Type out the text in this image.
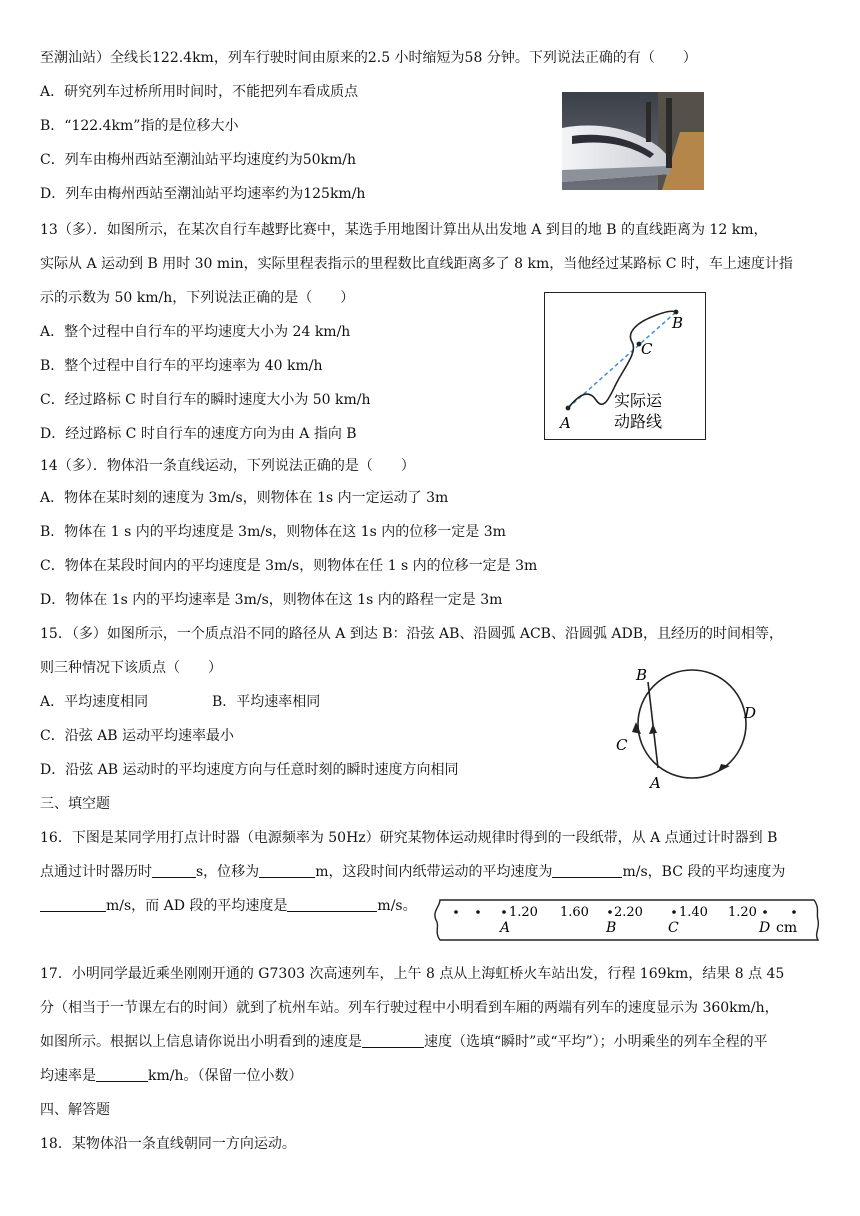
至潮汕站）全线长122.4km，列车行驶时间由原来的2.5 小时缩短为58 分钟。下列说法正确的有（　　）
A．研究列车过桥所用时间时，不能把列车看成质点
B．“122.4km”指的是位移大小
C．列车由梅州西站至潮汕站平均速度约为50km/h
D．列车由梅州西站至潮汕站平均速率约为125km/h
13（多）．如图所示，在某次自行车越野比赛中，某选手用地图计算出从出发地 A 到目的地 B 的直线距离为 12 km，
实际从 A 运动到 B 用时 30 min，实际里程表指示的里程数比直线距离多了 8 km，当他经过某路标 C 时，车上速度计指
示的示数为 50 km/h，下列说法正确的是（　　）
A．整个过程中自行车的平均速度大小为 24 km/h
B．整个过程中自行车的平均速率为 40 km/h
C．经过路标 C 时自行车的瞬时速度大小为 50 km/h
D．经过路标 C 时自行车的速度方向为由 A 指向 B
A
B
C
实际运
动路线
14（多）．物体沿一条直线运动，下列说法正确的是（　　）
A．物体在某时刻的速度为 3m/s，则物体在 1s 内一定运动了 3m
B．物体在 1 s 内的平均速度是 3m/s，则物体在这 1s 内的位移一定是 3m
C．物体在某段时间内的平均速度是 3m/s，则物体在任 1 s 内的位移一定是 3m
D．物体在 1s 内的平均速率是 3m/s，则物体在这 1s 内的路程一定是 3m
15．（多）如图所示，一个质点沿不同的路径从 A 到达 B：沿弦 AB、沿圆弧 ACB、沿圆弧 ADB，且经历的时间相等，
则三种情况下该质点（　　）
A．平均速度相同	B．平均速率相同
C．沿弦 AB 运动平均速率最小
D．沿弦 AB 运动时的平均速度方向与任意时刻的瞬时速度方向相同
A
B
C
D
三、填空题
16．下图是某同学用打点计时器（电源频率为 50Hz）研究某物体运动规律时得到的一段纸带，从 A 点通过计时器到 B
点通过计时器历时	s，位移为	m，这段时间内纸带运动的平均速度为	m/s，BC 段的平均速度为
m/s，而 AD 段的平均速度是	m/s。	1.20 1.60 2.20	1.40 1.20
A	B	C	D cm
17．小明同学最近乘坐刚刚开通的 G7303 次高速列车，上午 8 点从上海虹桥火车站出发，行程 169km，结果 8 点 45
分（相当于一节课左右的时间）就到了杭州车站。列车行驶过程中小明看到车厢的两端有列车的速度显示为 360km/h，
如图所示。根据以上信息请你说出小明看到的速度是	速度（选填“瞬时”或“平均”）；小明乘坐的列车全程的平
均速率是	km/h。（保留一位小数）
四、解答题
18．某物体沿一条直线朝同一方向运动。
